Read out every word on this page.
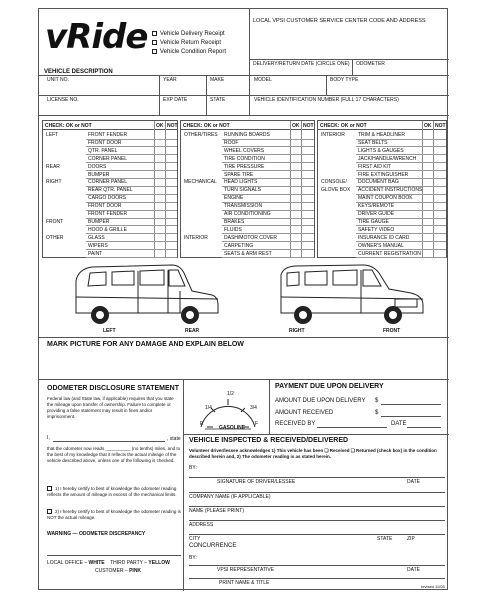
vRide	Vehicle Delivery Receipt
Vehicle Return Receipt
Vehicle Condition Report
LOCAL VPSI CUSTOMER SERVICE CENTER CODE AND ADDRESS
DELIVERY/RETURN DATE (CIRCLE ONE) ODOMETER
VEHICLE DESCRIPTION
UNIT NO.	YEAR	MAKE	MODEL	BODY TYPE
LICENSE NO.	EXP DATE	STATE	VEHICLE IDENTIFICATION NUMBER (FULL 17 CHARACTERS)
CHECK: OK or NOT	OK NOT
LEFT	FRONT FENDER
FRONT DOOR
QTR. PANEL
CORNER PANEL
REAR	DOORS
BUMPER
RIGHT	CORNER PANEL
REAR QTR. PANEL
CARGO DOORS
FRONT DOOR
FRONT FENDER
FRONT	BUMPER
HOOD & GRILLE
OTHER	GLASS
WIPERS
PAINT
CHECK: OK or NOT	OK NOT
OTHER/TIRES RUNNING BOARDS
ROOF
WHEEL COVERS
TIRE CONDITION
TIRE PRESSURE
SPARE TIRE
MECHANICAL HEAD LIGHTS
TURN SIGNALS
ENGINE
TRANSMISSION
AIR CONDITIONING
BRAKES
FLUIDS
INTERIOR	DASH/MOTOR COVER
CARPETING
SEATS & ARM REST
CHECK: OK or NOT	OK NOT
INTERIOR	TRIM & HEADLINER
SEAT BELTS
LIGHTS & GAUGES
JACK/HANDLE/WRENCH
FIRST AID KIT
FIRE EXTINGUISHER
CONSOLE/ DOCUMENT BAG
GLOVE BOX ACCIDENT INSTRUCTIONS
MAINT COUPON BOOK
KEYS/REMOTE
DRIVER GUIDE
TIRE GAUGE
SAFETY VIDEO
INSURANCE ID CARD
OWNER'S MANUAL
CURRENT REGISTRATION
LEFT	REAR	RIGHT	FRONT
MARK PICTURE FOR ANY DAMAGE AND EXPLAIN BELOW
ODOMETER DISCLOSURE STATEMENT
Federal law (and State law, if applicable) requires that you state the mileage upon transfer of ownership. Failure to complete or providing a false statement may result in fines and/or imprisonment.
I,	, state
that the odometer now reads __________ (no tenths) miles, and to the best of my knowledge that it reflects the actual mileage of the vehicle described above, unless one of the following is checked.
1) I hereby certify to best of knowledge the odometer reading reflects the amount of mileage in excess of the mechanical limits.
2) I hereby certify to best of knowledge the odometer reading is NOT the actual mileage.
WARNING — ODOMETER DISCREPANCY
LOCAL OFFICE – WHITE THIRD PARTY – YELLOW
CUSTOMER – PINK
E
1/4
1/2
3/4
F
GASOLINE
PAYMENT DUE UPON DELIVERY
AMOUNT DUE UPON DELIVERY $
AMOUNT RECEIVED	$
RECEIVED BY	DATE
VEHICLE INSPECTED & RECEIVED/DELIVERED
Volunteer driver/lessee acknowledges 1) This vehicle has been ❑ Received ❑ Returned (check box) in the condition described herein and, 2) The odometer reading is as stated herein.
BY:
SIGNATURE OF DRIVER/LESSEE	DATE
COMPANY NAME (IF APPLICABLE)
NAME (PLEASE PRINT)
ADDRESS
CITY	STATE	ZIP
CONCURRENCE
BY:
VPSI REPRESENTATIVE	DATE
PRINT NAME & TITLE
revised 11/05
